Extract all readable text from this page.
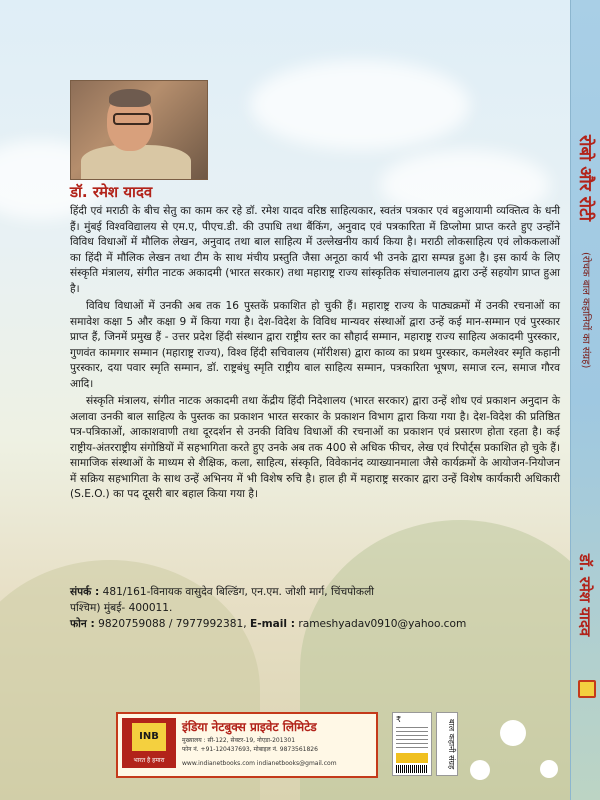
रोबो और रोटी
(रोचक बाल कहानियों का संग्रह)
डॉ. रमेश यादव
डॉ. रमेश यादव

हिंदी एवं मराठी के बीच सेतु का काम कर रहे डॉ. रमेश यादव वरिष्ठ साहित्यकार, स्वतंत्र पत्रकार एवं बहुआयामी व्यक्तित्व के धनी हैं। मुंबई विश्वविद्यालय से एम.ए, पीएच.डी. की उपाधि तथा बैंकिंग, अनुवाद एवं पत्रकारिता में डिप्लोमा प्राप्त करते हुए उन्होंने विविध विधाओं में मौलिक लेखन, अनुवाद तथा बाल साहित्य में उल्लेखनीय कार्य किया है। मराठी लोकसाहित्य एवं लोककलाओं का हिंदी में मौलिक लेखन तथा टीम के साथ मंचीय प्रस्तुति जैसा अनूठा कार्य भी उनके द्वारा सम्पन्न हुआ है। इस कार्य के लिए संस्कृति मंत्रालय, संगीत नाटक अकादमी (भारत सरकार) तथा महाराष्ट्र राज्य सांस्कृतिक संचालनालय द्वारा उन्हें सहयोग प्राप्त हुआ है।

विविध विधाओं में उनकी अब तक 16 पुस्तकें प्रकाशित हो चुकी हैं। महाराष्ट्र राज्य के पाठ्यक्रमों में उनकी रचनाओं का समावेश कक्षा 5 और कक्षा 9 में किया गया है। देश-विदेश के विविध मान्यवर संस्थाओं द्वारा उन्हें कई मान-सम्मान एवं पुरस्कार प्राप्त हैं, जिनमें प्रमुख हैं - उत्तर प्रदेश हिंदी संस्थान द्वारा राष्ट्रीय स्तर का सौहार्द सम्मान, महाराष्ट्र राज्य साहित्य अकादमी पुरस्कार, गुणवंत कामगार सम्मान (महाराष्ट्र राज्य), विश्व हिंदी सचिवालय (मॉरीशस) द्वारा काव्य का प्रथम पुरस्कार, कमलेश्वर स्मृति कहानी पुरस्कार, दया पवार स्मृति सम्मान, डॉ. राष्ट्रबंधु स्मृति राष्ट्रीय बाल साहित्य सम्मान, पत्रकारिता भूषण, समाज रत्न, समाज गौरव आदि।

संस्कृति मंत्रालय, संगीत नाटक अकादमी तथा केंद्रीय हिंदी निदेशालय (भारत सरकार) द्वारा उन्हें शोध एवं प्रकाशन अनुदान के अलावा उनकी बाल साहित्य के पुस्तक का प्रकाशन भारत सरकार के प्रकाशन विभाग द्वारा किया गया है। देश-विदेश की प्रतिष्ठित पत्र-पत्रिकाओं, आकाशवाणी तथा दूरदर्शन से उनकी विविध विधाओं की रचनाओं का प्रकाशन एवं प्रसारण होता रहता है। कई राष्ट्रीय-अंतरराष्ट्रीय संगोष्ठियों में सहभागिता करते हुए उनके अब तक 400 से अधिक फीचर, लेख एवं रिपोर्ट्स प्रकाशित हो चुके हैं। सामाजिक संस्थाओं के माध्यम से शैक्षिक, कला, साहित्य, संस्कृति, विवेकानंद व्याख्यानमाला जैसे कार्यक्रमों के आयोजन-नियोजन में सक्रिय सहभागिता के साथ उन्हें अभिनय में भी विशेष रुचि है। हाल ही में महाराष्ट्र सरकार द्वारा उन्हें विशेष कार्यकारी अधिकारी (S.E.O.) का पद दूसरी बार बहाल किया गया है।

संपर्क : 481/161-विनायक वासुदेव बिल्डिंग, एन.एम. जोशी मार्ग, चिंचपोकली
पश्चिम) मुंबई- 400011.
फोन : 9820759088 / 7977992381, E-mail : rameshyadav0910@yahoo.com
INB
भारत है हमारा
इंडिया नेटबुक्स प्राइवेट लिमिटेड
मुख्यालय : सी-122, सेक्टर-19, नोएडा-201301
फोन नं. +91-120437693, मोबाइल नं. 9873561826
www.indianetbooks.com indianetbooks@gmail.com
₹	बाल कहानी संग्रह
